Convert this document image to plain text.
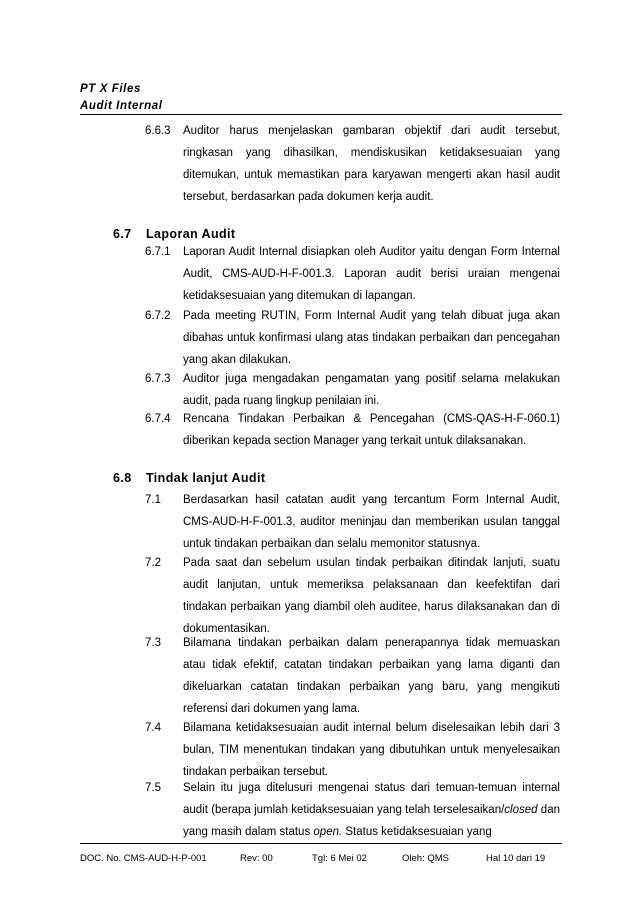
PT X Files
Audit Internal
6.6.3 Auditor harus menjelaskan gambaran objektif dari audit tersebut, ringkasan yang dihasilkan, mendiskusikan ketidaksesuaian yang ditemukan, untuk memastikan para karyawan mengerti akan hasil audit tersebut, berdasarkan pada dokumen kerja audit.
6.7 Laporan Audit
6.7.1 Laporan Audit Internal disiapkan oleh Auditor yaitu dengan Form Internal Audit, CMS-AUD-H-F-001.3. Laporan audit berisi uraian mengenai ketidaksesuaian yang ditemukan di lapangan.
6.7.2 Pada meeting RUTIN, Form Internal Audit yang telah dibuat juga akan dibahas untuk konfirmasi ulang atas tindakan perbaikan dan pencegahan yang akan dilakukan.
6.7.3 Auditor juga mengadakan pengamatan yang positif selama melakukan audit, pada ruang lingkup penilaian ini.
6.7.4 Rencana Tindakan Perbaikan & Pencegahan (CMS-QAS-H-F-060.1) diberikan kepada section Manager yang terkait untuk dilaksanakan.
6.8 Tindak lanjut Audit
7.1 Berdasarkan hasil catatan audit yang tercantum Form Internal Audit, CMS-AUD-H-F-001.3, auditor meninjau dan memberikan usulan tanggal untuk tindakan perbaikan dan selalu memonitor statusnya.
7.2 Pada saat dan sebelum usulan tindak perbaikan ditindak lanjuti, suatu audit lanjutan, untuk memeriksa pelaksanaan dan keefektifan dari tindakan perbaikan yang diambil oleh auditee, harus dilaksanakan dan di dokumentasikan.
7.3 Bilamana tindakan perbaikan dalam penerapannya tidak memuaskan atau tidak efektif, catatan tindakan perbaikan yang lama diganti dan dikeluarkan catatan tindakan perbaikan yang baru, yang mengikuti referensi dari dokumen yang lama.
7.4 Bilamana ketidaksesuaian audit internal belum diselesaikan lebih dari 3 bulan, TIM menentukan tindakan yang dibutuhkan untuk menyelesaikan tindakan perbaikan tersebut.
7.5 Selain itu juga ditelusuri mengenai status dari temuan-temuan internal audit (berapa jumlah ketidaksesuaian yang telah terselesaikan/closed dan yang masih dalam status open. Status ketidaksesuaian yang
DOC. No. CMS-AUD-H-P-001	Rev: 00	Tgl: 6 Mei 02	Oleh: QMS	Hal 10 dari 19
